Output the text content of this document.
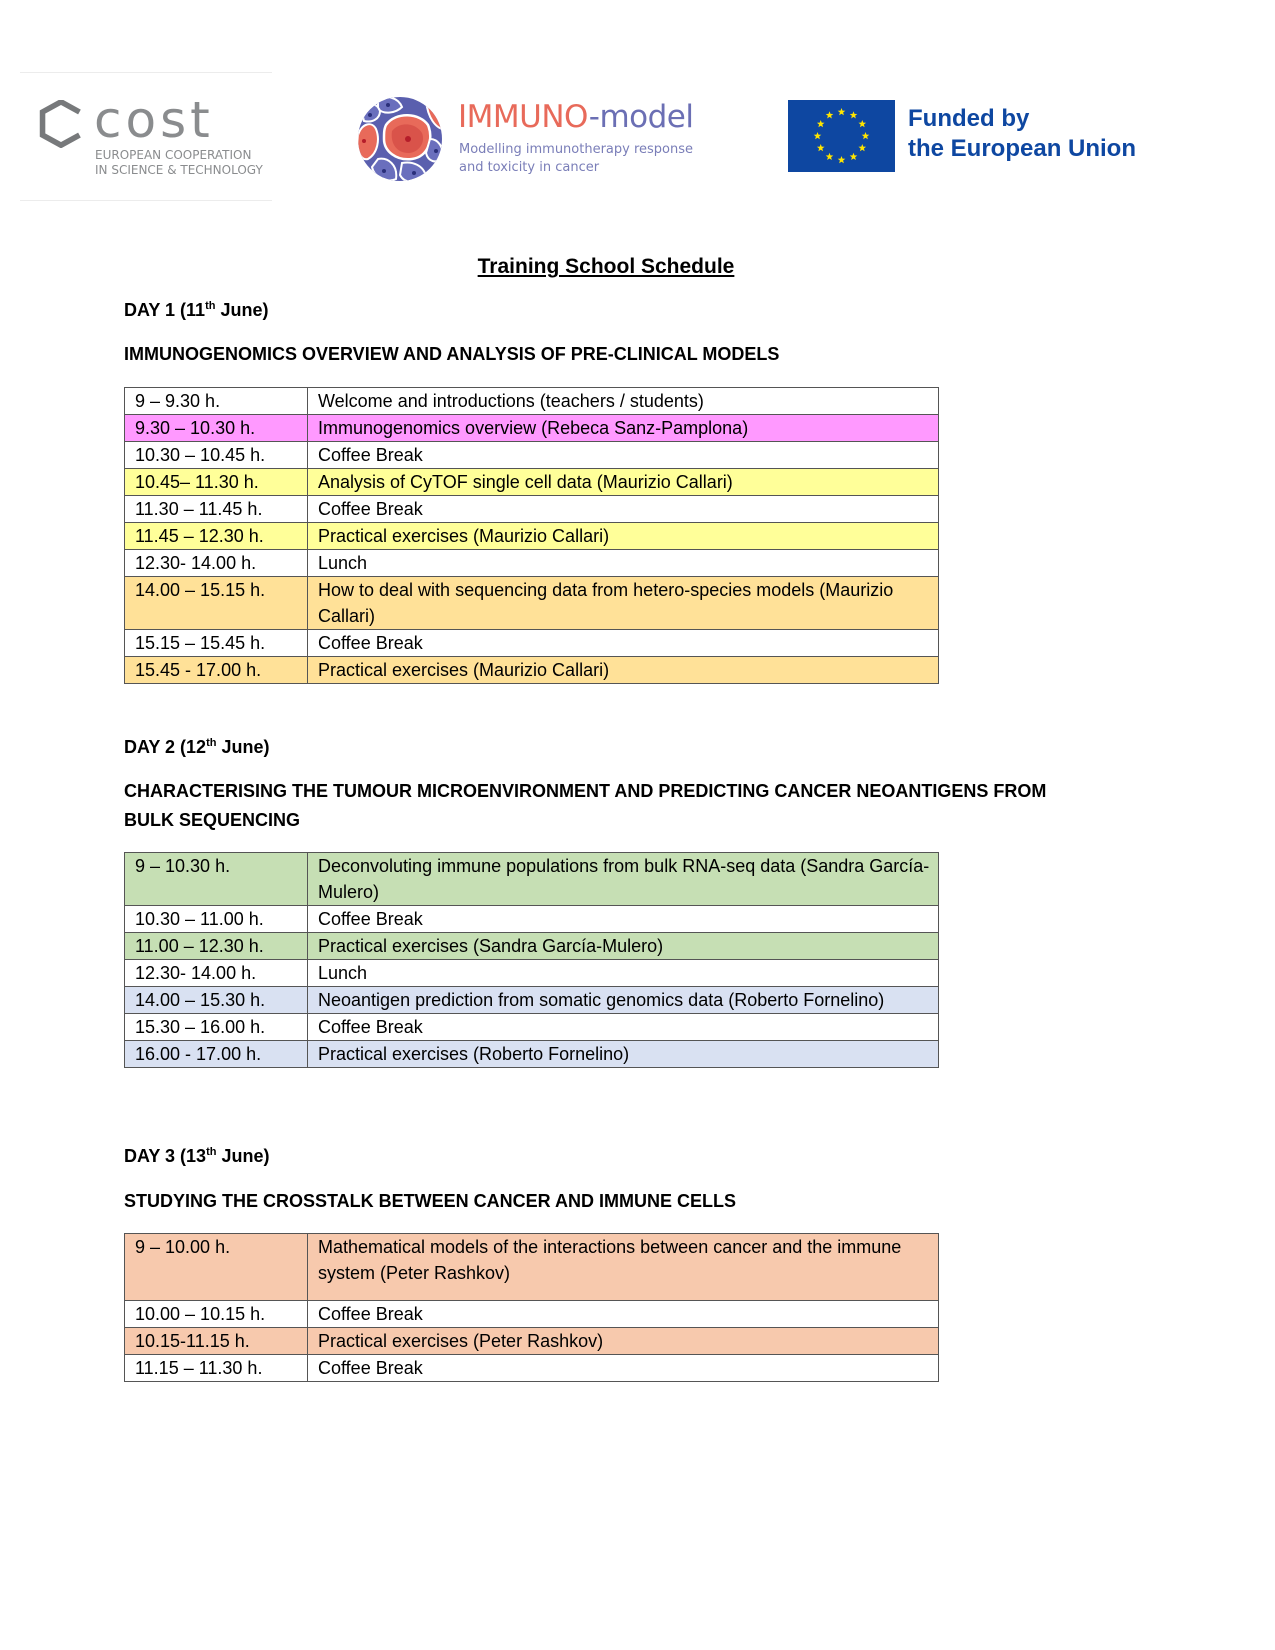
cost
EUROPEAN COOPERATION
IN SCIENCE & TECHNOLOGY
IMMUNO-model
Modelling immunotherapy response
and toxicity in cancer
Funded by
the European Union
Training School Schedule
DAY 1 (11th June)
IMMUNOGENOMICS OVERVIEW AND ANALYSIS OF PRE-CLINICAL MODELS
9 – 9.30 h.	Welcome and introductions (teachers / students)

9.30 – 10.30 h.	Immunogenomics overview (Rebeca Sanz-Pamplona)

10.30 – 10.45 h.	Coffee Break

10.45– 11.30 h.	Analysis of CyTOF single cell data (Maurizio Callari)

11.30 – 11.45 h.	Coffee Break

11.45 – 12.30 h.	Practical exercises (Maurizio Callari)

12.30- 14.00 h.	Lunch

14.00 – 15.15 h.	How to deal with sequencing data from hetero-species models (Maurizio Callari)

15.15 – 15.45 h.	Coffee Break

15.45 - 17.00 h.	Practical exercises (Maurizio Callari)
DAY 2 (12th June)
CHARACTERISING THE TUMOUR MICROENVIRONMENT AND PREDICTING CANCER NEOANTIGENS FROM BULK SEQUENCING
9 – 10.30 h.	Deconvoluting immune populations from bulk RNA-seq data (Sandra García-Mulero)

10.30 – 11.00 h.	Coffee Break

11.00 – 12.30 h.	Practical exercises (Sandra García-Mulero)

12.30- 14.00 h.	Lunch

14.00 – 15.30 h.	Neoantigen prediction from somatic genomics data (Roberto Fornelino)

15.30 – 16.00 h.	Coffee Break

16.00 - 17.00 h.	Practical exercises (Roberto Fornelino)
DAY 3 (13th June)
STUDYING THE CROSSTALK BETWEEN CANCER AND IMMUNE CELLS
9 – 10.00 h.	Mathematical models of the interactions between cancer and the immune system (Peter Rashkov)

10.00 – 10.15 h.	Coffee Break

10.15-11.15 h.	Practical exercises (Peter Rashkov)

11.15 – 11.30 h.	Coffee Break
